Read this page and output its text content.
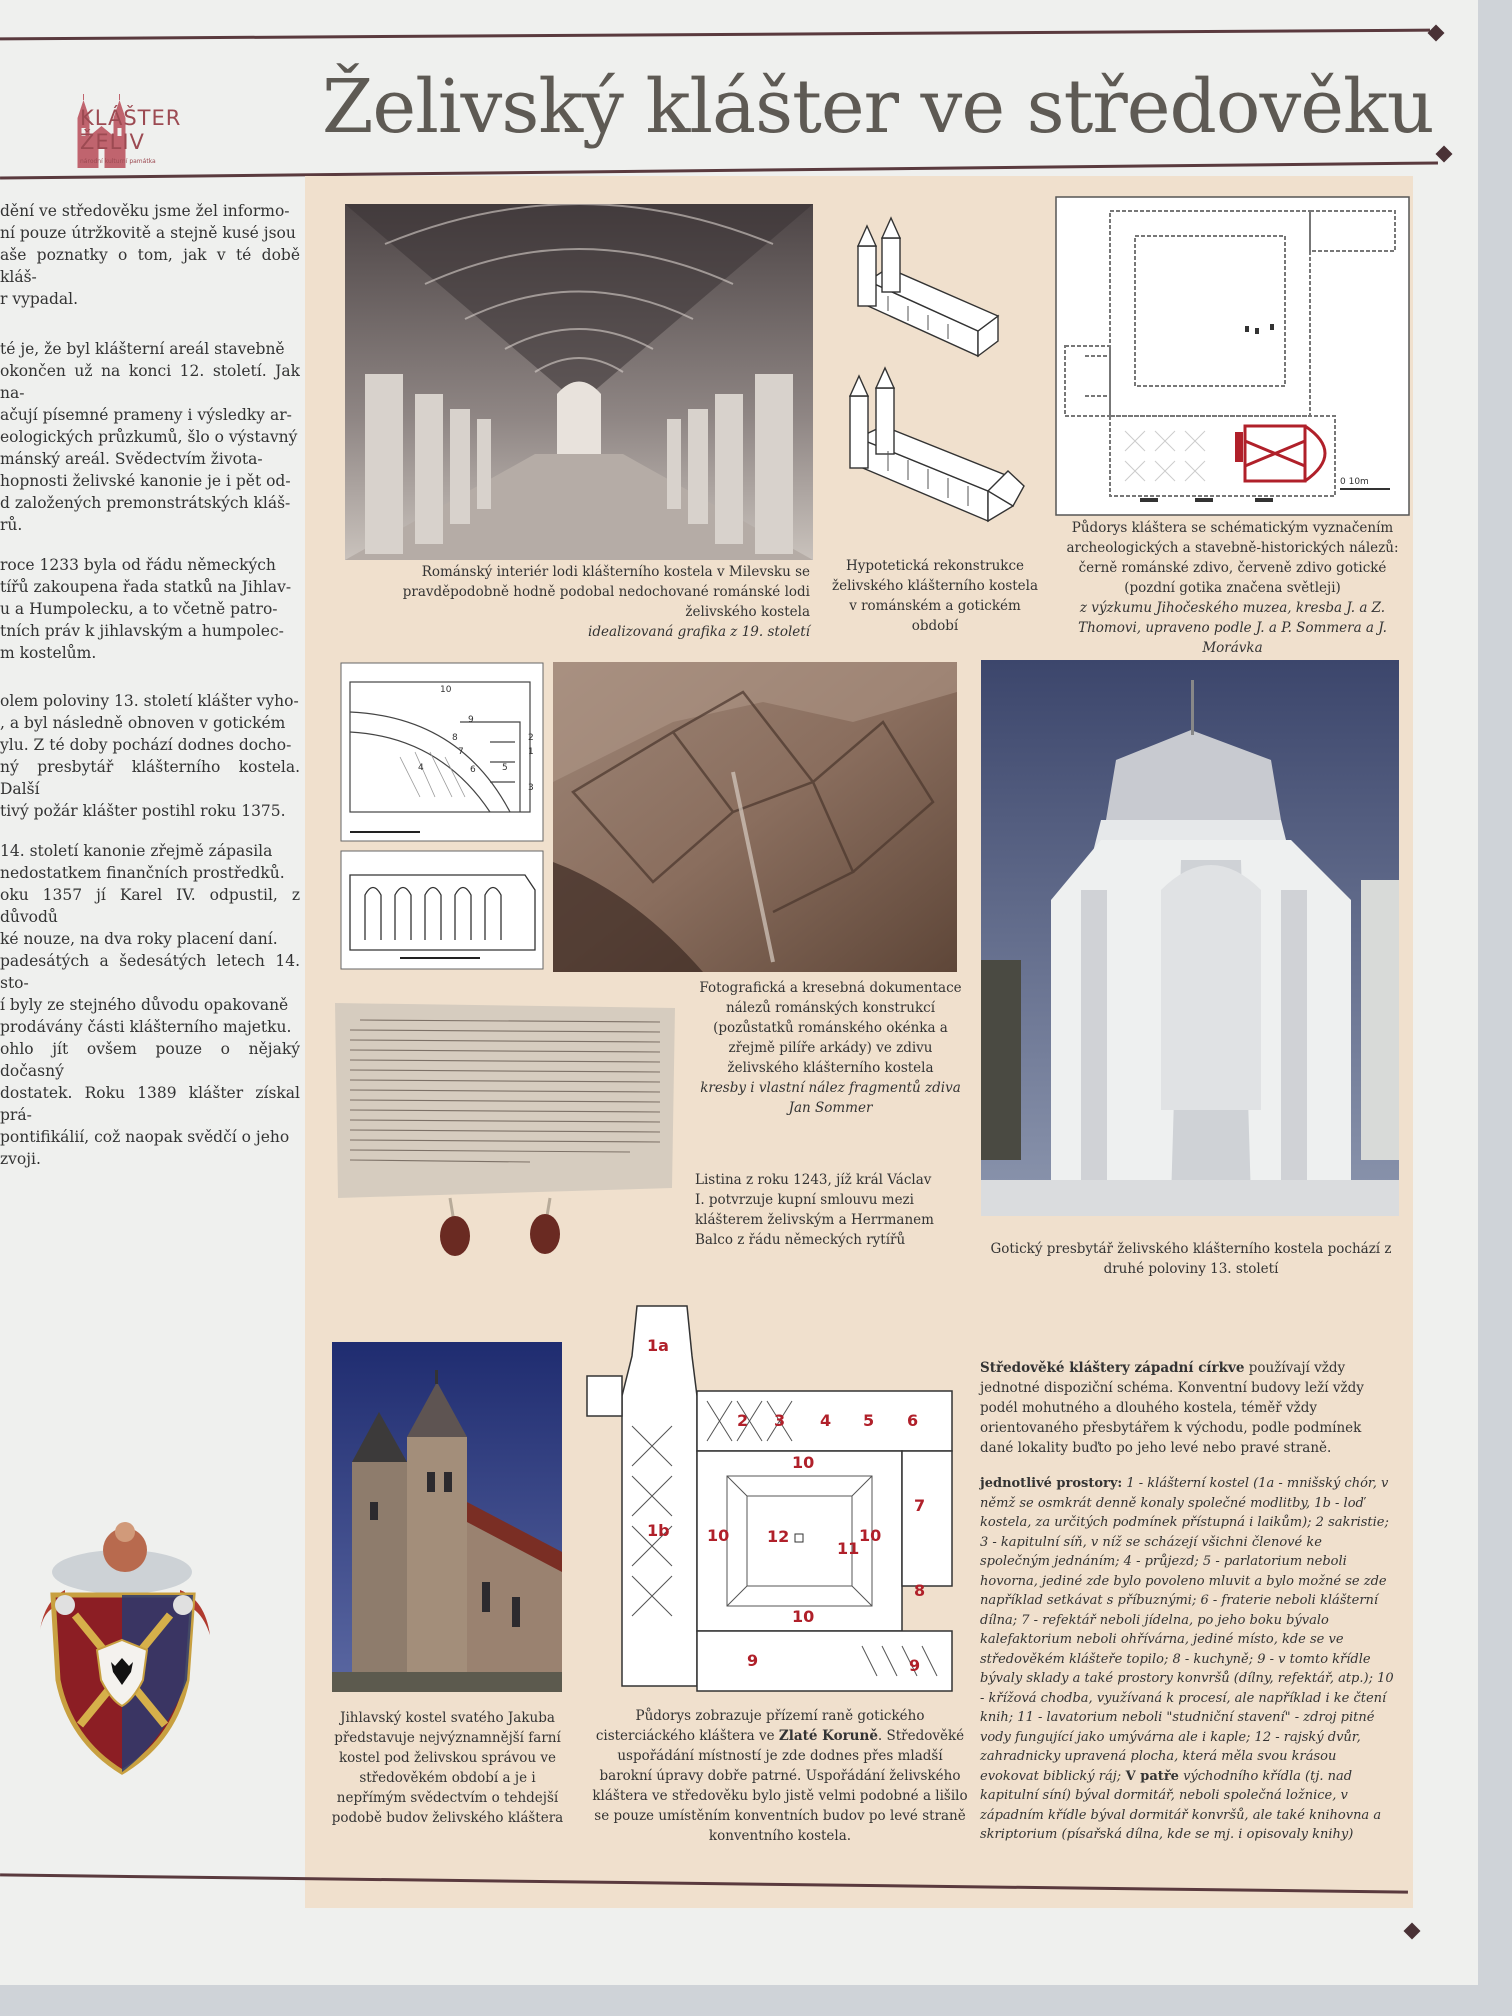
KLÁŠTER
ŽELIV
národní kulturní památka
Želivský klášter ve středověku

dění ve středověku jsme žel informo-
ní pouze útržkovitě a stejně kusé jsou
aše poznatky o tom, jak v té době kláš-
r vypadal.

té je, že byl klášterní areál stavebně
okončen už na konci 12. století. Jak na-
ačují písemné prameny i výsledky ar-
eologických průzkumů, šlo o výstavný
mánský areál. Svědectvím života-
hopnosti želivské kanonie je i pět od-
d založených premonstrátských kláš-
rů.

roce 1233 byla od řádu německých
tířů zakoupena řada statků na Jihlav-
u a Humpolecku, a to včetně patro-
tních práv k jihlavským a humpolec-
m kostelům.

olem poloviny 13. století klášter vyho-
, a byl následně obnoven v gotickém
ylu. Z té doby pochází dodnes docho-
ný presbytář klášterního kostela. Další
tivý požár klášter postihl roku 1375.

14. století kanonie zřejmě zápasila
nedostatkem finančních prostředků.
oku 1357 jí Karel IV. odpustil, z důvodů
ké nouze, na dva roky placení daní.
padesátých a šedesátých letech 14. sto-
í byly ze stejného důvodu opakovaně
prodávány části klášterního majetku.
ohlo jít ovšem pouze o nějaký dočasný
dostatek. Roku 1389 klášter získal prá-
pontifikálií, což naopak svědčí o jeho
zvoji.

Románský interiér lodi klášterního kostela v Milevsku se pravděpodobně hodně podobal nedochované románské lodi želivského kostela
idealizovaná grafika z 19. století
Hypotetická rekonstrukce želivského klášterního kostela v románském a gotickém období
0 10m
Půdorys kláštera se schématickým vyznačením archeologických a stavebně-historických nálezů: černě románské zdivo, červeně zdivo gotické (pozdní gotika značena světleji)
z výzkumu Jihočeského muzea, kresba J. a Z. Thomovi, upraveno podle J. a P. Sommera a J. Morávka
10
9
8
7
6	5
4
3
2
1
Fotografická a kresebná dokumentace nálezů románských konstrukcí (pozůstatků románského okénka a zřejmě pilíře arkády) ve zdivu želivského klášterního kostela
kresby i vlastní nález fragmentů zdiva Jan Sommer
Listina z roku 1243, jíž král Václav I. potvrzuje kupní smlouvu mezi klášterem želivským a Herrmanem Balco z řádu německých rytířů
Gotický presbytář želivského klášterního kostela pochází z druhé poloviny 13. století
Jihlavský kostel svatého Jakuba představuje nejvýznamnější farní kostel pod želivskou správou ve středověkém období a je i nepřímým svědectvím o tehdejší podobě budov želivského kláštera
1a
1b
2 3 4 5 6
7
8
9	9
10
10	10
10
11
12
Půdorys zobrazuje přízemí raně gotického cisterciáckého kláštera ve Zlaté Koruně. Středověké uspořádání místností je zde dodnes přes mladší barokní úpravy dobře patrné. Uspořádání želivského kláštera ve středověku bylo jistě velmi podobné a lišilo se pouze umístěním konventních budov po levé straně konventního kostela.
Středověké kláštery západní církve používají vždy jednotné dispoziční schéma. Konventní budovy leží vždy podél mohutného a dlouhého kostela, téměř vždy orientovaného přesbytářem k východu, podle podmínek dané lokality buďto po jeho levé nebo pravé straně.
jednotlivé prostory: 1 - klášterní kostel (1a - mnišský chór, v němž se osmkrát denně konaly společné modlitby, 1b - loď kostela, za určitých podmínek přístupná i laikům); 2 sakristie; 3 - kapitulní síň, v níž se scházejí všichni členové ke společným jednáním; 4 - průjezd; 5 - parlatorium neboli hovorna, jediné zde bylo povoleno mluvit a bylo možné se zde například setkávat s příbuznými; 6 - fraterie neboli klášterní dílna; 7 - refektář neboli jídelna, po jeho boku bývalo kalefaktorium neboli ohřívárna, jediné místo, kde se ve středověkém klášteře topilo; 8 - kuchyně; 9 - v tomto křídle bývaly sklady a také prostory konvršů (dílny, refektář, atp.); 10 - křížová chodba, využívaná k procesí, ale například i ke čtení knih; 11 - lavatorium neboli "studniční stavení" - zdroj pitné vody fungující jako umývárna ale i kaple; 12 - rajský dvůr, zahradnicky upravená plocha, která měla svou krásou evokovat biblický ráj; V patře východního křídla (tj. nad kapitulní síní) býval dormitář, neboli společná ložnice, v západním křídle býval dormitář konvršů, ale také knihovna a skriptorium (písařská dílna, kde se mj. i opisovaly knihy)
